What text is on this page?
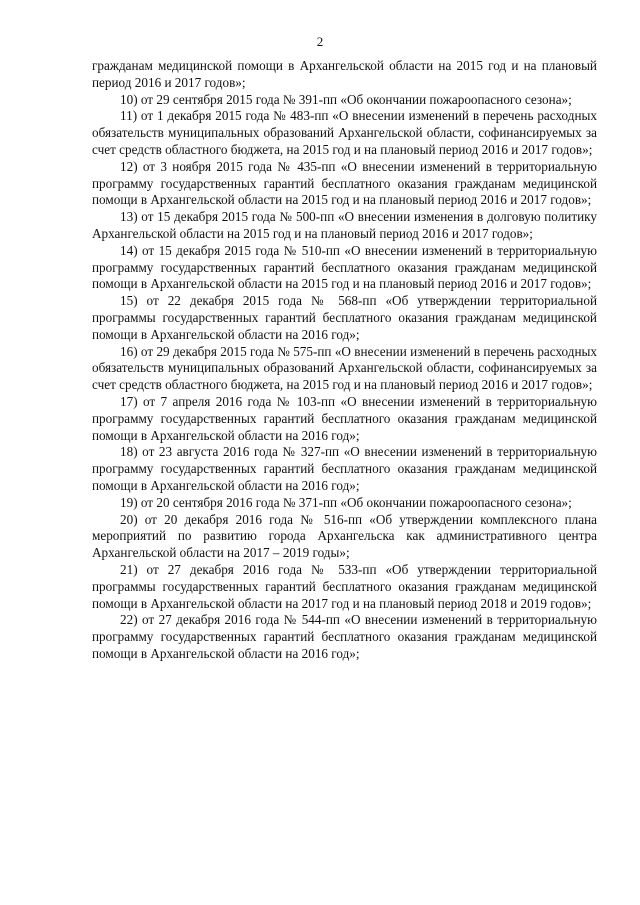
2

гражданам медицинской помощи в Архангельской области на 2015 год и на плановый период 2016 и 2017 годов»;

10) от 29 сентября 2015 года № 391-пп «Об окончании пожароопасного сезона»;

11) от 1 декабря 2015 года № 483-пп «О внесении изменений в перечень расходных обязательств муниципальных образований Архангельской области, софинансируемых за счет средств областного бюджета, на 2015 год и на плановый период 2016 и 2017 годов»;

12) от 3 ноября 2015 года № 435-пп «О внесении изменений в территориальную программу государственных гарантий бесплатного оказания гражданам медицинской помощи в Архангельской области на 2015 год и на плановый период 2016 и 2017 годов»;

13) от 15 декабря 2015 года № 500-пп «О внесении изменения в долговую политику Архангельской области на 2015 год и на плановый период 2016 и 2017 годов»;

14) от 15 декабря 2015 года № 510-пп «О внесении изменений в территориальную программу государственных гарантий бесплатного оказания гражданам медицинской помощи в Архангельской области на 2015 год и на плановый период 2016 и 2017 годов»;

15) от 22 декабря 2015 года № 568-пп «Об утверждении территориальной программы государственных гарантий бесплатного оказания гражданам медицинской помощи в Архангельской области на 2016 год»;

16) от 29 декабря 2015 года № 575-пп «О внесении изменений в перечень расходных обязательств муниципальных образований Архангельской области, софинансируемых за счет средств областного бюджета, на 2015 год и на плановый период 2016 и 2017 годов»;

17) от 7 апреля 2016 года № 103-пп «О внесении изменений в территориальную программу государственных гарантий бесплатного оказания гражданам медицинской помощи в Архангельской области на 2016 год»;

18) от 23 августа 2016 года № 327-пп «О внесении изменений в территориальную программу государственных гарантий бесплатного оказания гражданам медицинской помощи в Архангельской области на 2016 год»;

19) от 20 сентября 2016 года № 371-пп «Об окончании пожароопасного сезона»;

20) от 20 декабря 2016 года № 516-пп «Об утверждении комплексного плана мероприятий по развитию города Архангельска как административного центра Архангельской области на 2017 – 2019 годы»;

21) от 27 декабря 2016 года № 533-пп «Об утверждении территориальной программы государственных гарантий бесплатного оказания гражданам медицинской помощи в Архангельской области на 2017 год и на плановый период 2018 и 2019 годов»;

22) от 27 декабря 2016 года № 544-пп «О внесении изменений в территориальную программу государственных гарантий бесплатного оказания гражданам медицинской помощи в Архангельской области на 2016 год»;
